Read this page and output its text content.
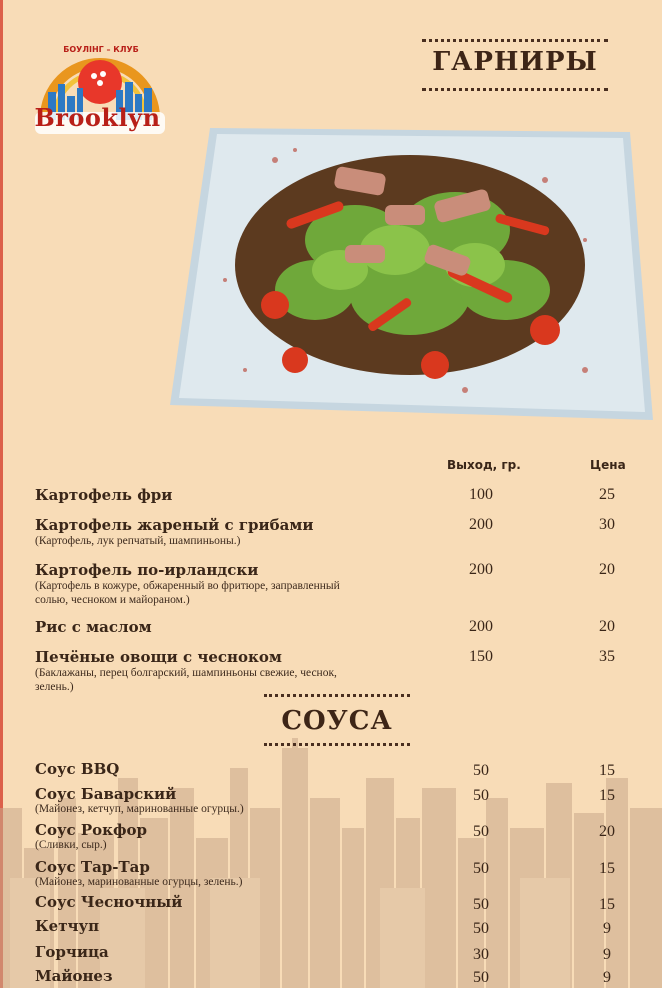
БОУЛІНГ – КЛУБ
Brooklyn
ГАРНИРЫ
Выход, гр.	Цена
Картофель фри	100	25
Картофель жареный с грибами
(Картофель, лук репчатый, шампиньоны.)
200	30
Картофель по-ирландски
(Картофель в кожуре, обжаренный во фритюре, заправленный солью, чесноком и майораном.)
200	20
Рис с маслом	200	20
Печёные овощи с чесноком
(Баклажаны, перец болгарский, шампиньоны свежие, чеснок, зелень.)
150	35
СОУСА
Соус BBQ	50	15
Соус Баварский
(Майонез, кетчуп, маринованные огурцы.)
50	15
Соус Рокфор
(Сливки, сыр.)
50	20
Соус Тар-Тар
(Майонез, маринованные огурцы, зелень.)
50	15
Соус Чесночный	50	15
Кетчуп	50	9
Горчица	30	9
Майонез	50	9
